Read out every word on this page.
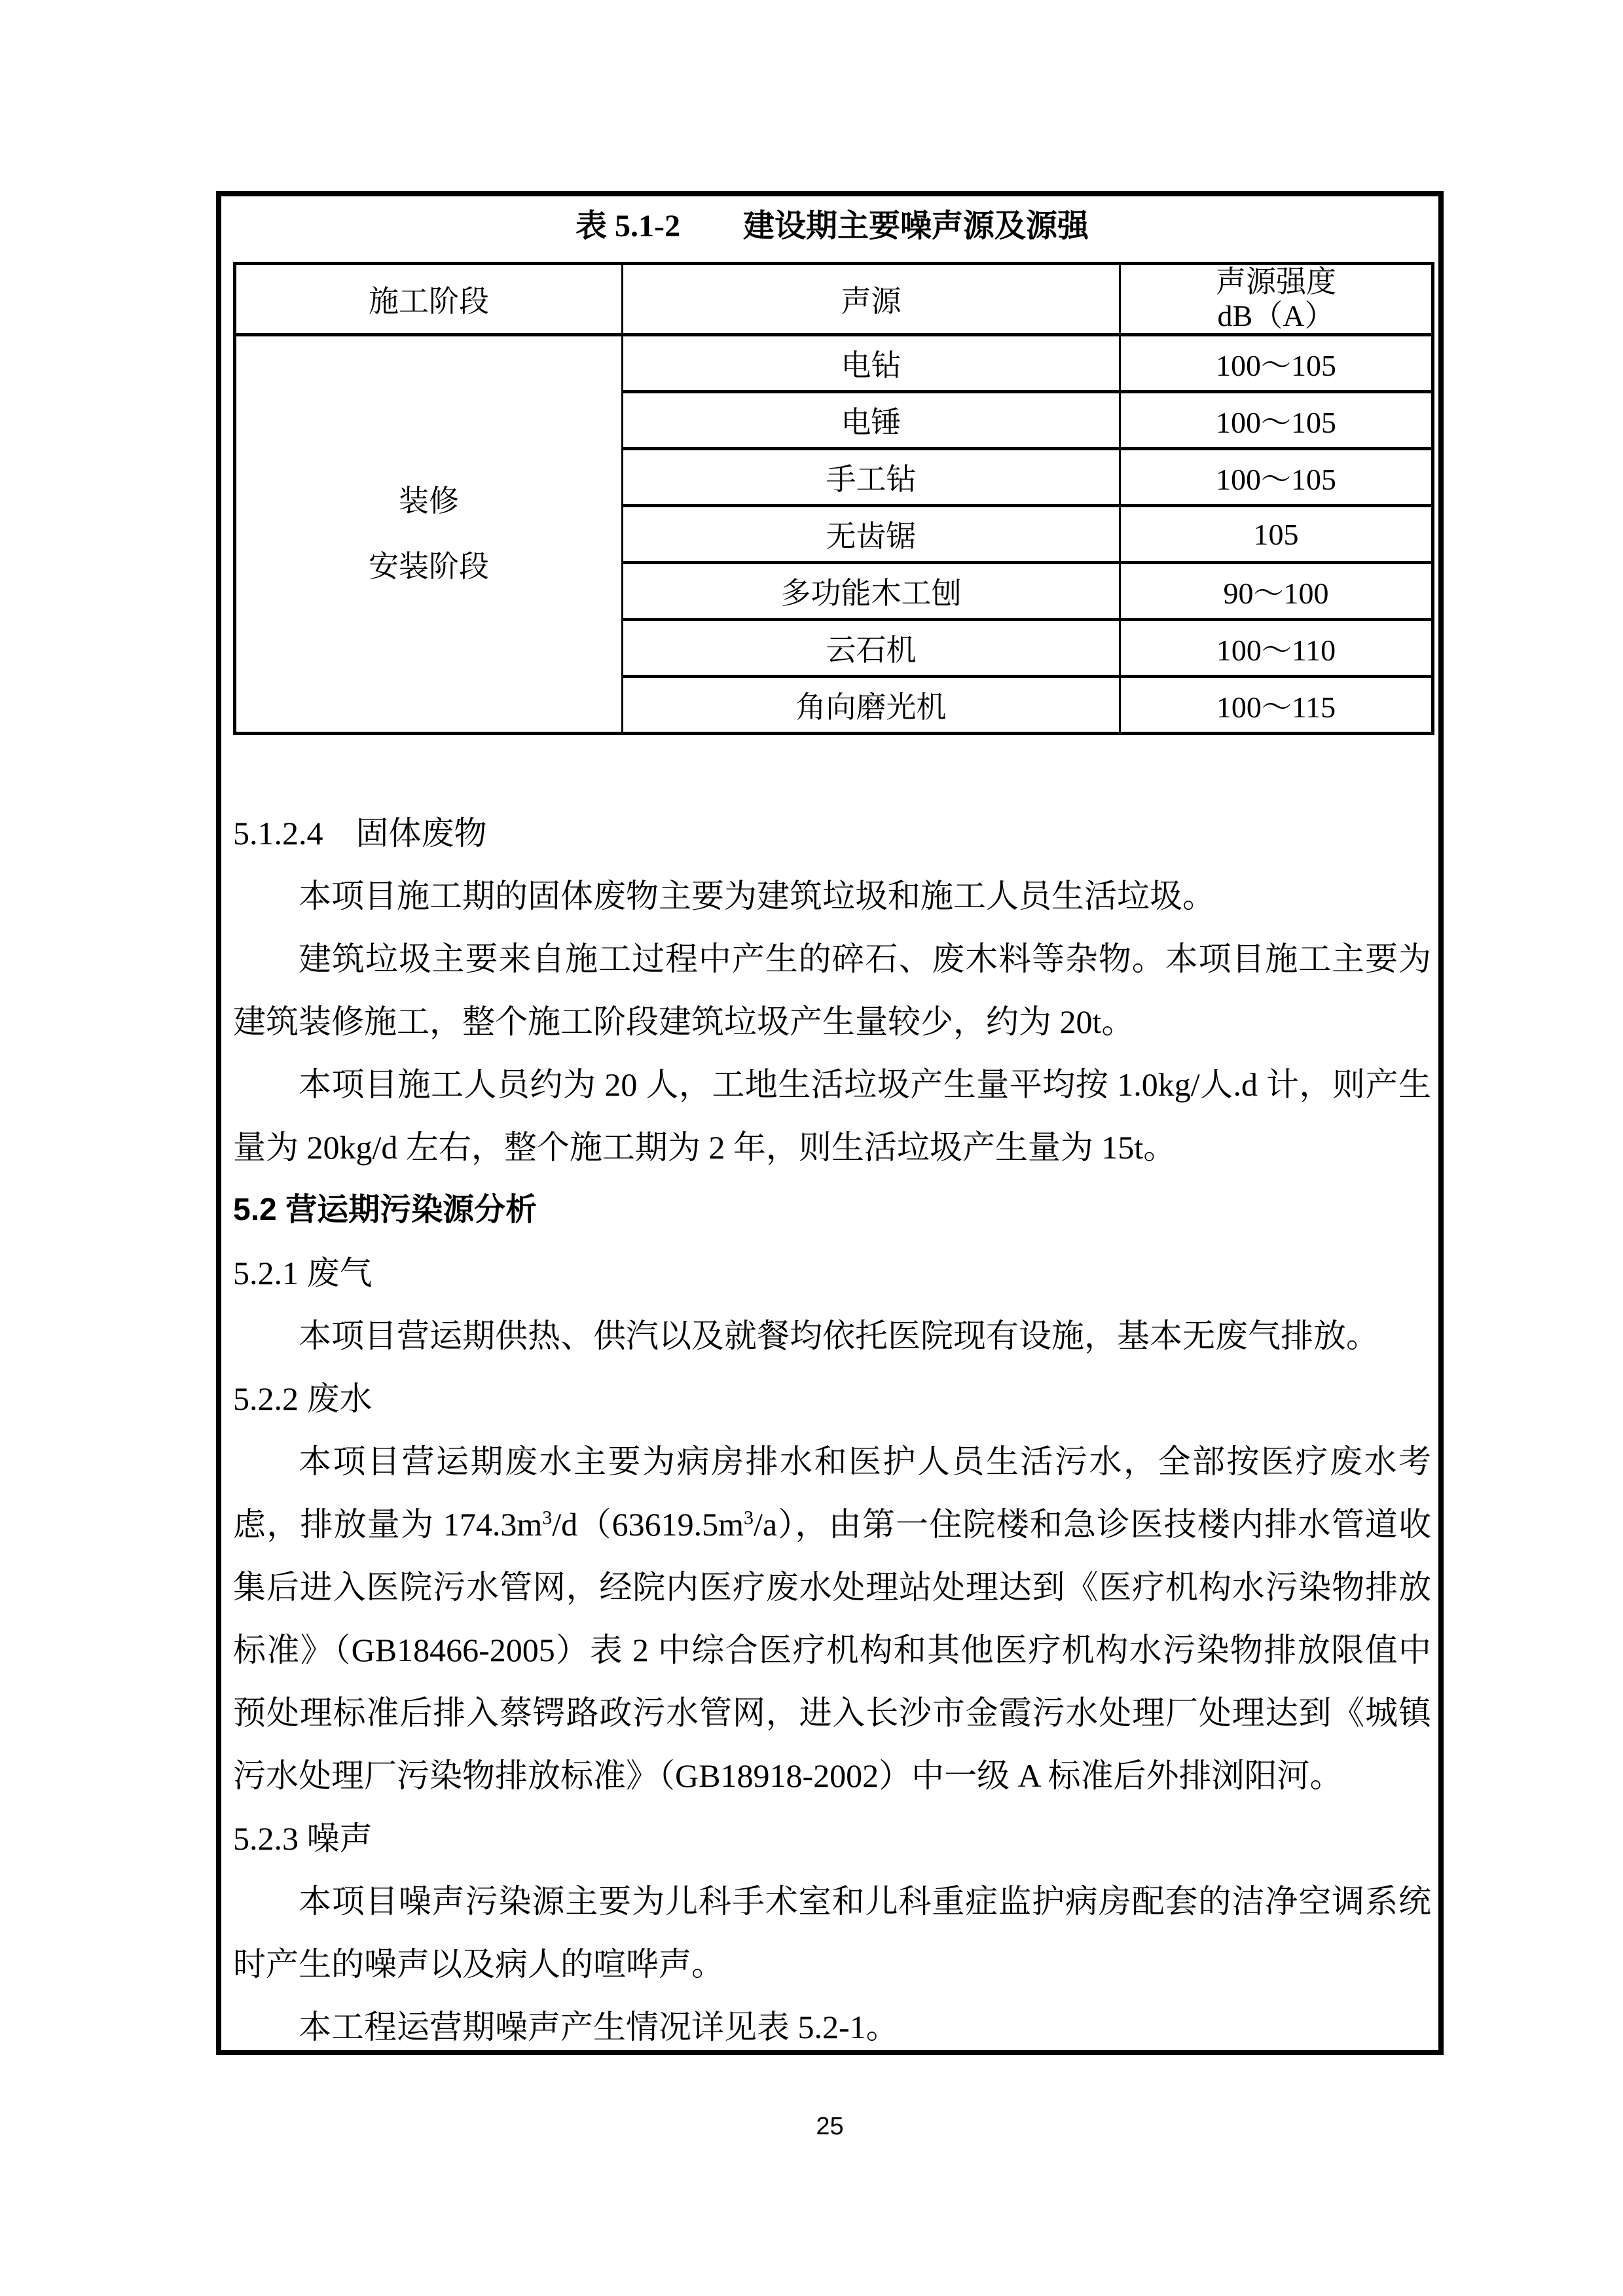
表 5.1-2 建设期主要噪声源及源强
施工阶段	声源	声源强度
dB（A）

装修
安装阶段	电钻	100～105
	电锤	100～105
	手工钻	100～105
	无齿锯	105
	多功能木工刨	90～100
	云石机	100～110
	角向磨光机	100～115
5.1.2.4　固体废物

本项目施工期的固体废物主要为建筑垃圾和施工人员生活垃圾。

建筑垃圾主要来自施工过程中产生的碎石、废木料等杂物。本项目施工主要为建筑装修施工，整个施工阶段建筑垃圾产生量较少，约为 20t。

本项目施工人员约为 20 人，工地生活垃圾产生量平均按 1.0kg/人.d 计，则产生量为 20kg/d 左右，整个施工期为 2 年，则生活垃圾产生量为 15t。

5.2 营运期污染源分析
5.2.1 废气

本项目营运期供热、供汽以及就餐均依托医院现有设施，基本无废气排放。

5.2.2 废水

本项目营运期废水主要为病房排水和医护人员生活污水，全部按医疗废水考虑，排放量为 $174.3m^3/d(63619.5m^3/a)$，由第一住院楼和急诊医技楼内排水管道收集后进入医院污水管网，经院内医疗废水处理站处理达到《医疗机构水污染物排放标准》（GB18466-2005）表 2 中综合医疗机构和其他医疗机构水污染物排放限值中预处理标准后排入蔡锷路政污水管网，进入长沙市金霞污水处理厂处理达到《城镇污水处理厂污染物排放标准》（GB18918-2002）中一级 A 标准后外排浏阳河。

5.2.3 噪声

本项目噪声污染源主要为儿科手术室和儿科重症监护病房配套的洁净空调系统时产生的噪声以及病人的喧哗声。

本工程运营期噪声产生情况详见表 5.2-1。

25
